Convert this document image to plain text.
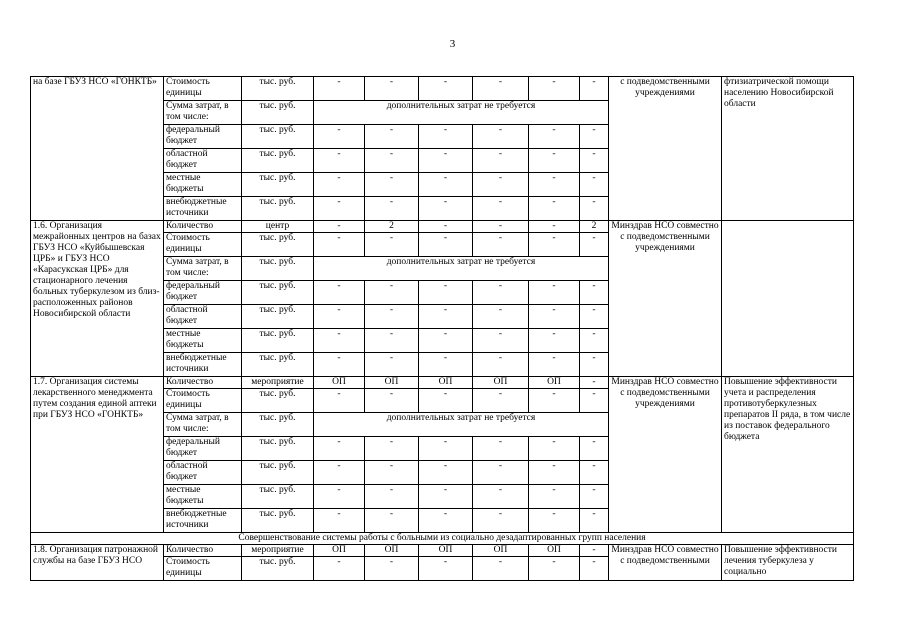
3
на базе ГБУЗ НСО «ГОНКТБ»	Стоимость единицы	тыс. руб.	-	-	-	-	-	-	с подведомственными учреждениями	фтизиатрической помощи населению Новосибирской области
	Сумма затрат, в том числе:	тыс. руб.	дополнительных затрат не требуется							
	федеральный бюджет	тыс. руб.	-	-	-	-	-	-		
	областной бюджет	тыс. руб.	-	-	-	-	-	-		
	местные бюджеты	тыс. руб.	-	-	-	-	-	-		
	внебюджетные источники	тыс. руб.	-	-	-	-	-	-		
1.6. Организация межрайонных центров на базах ГБУЗ НСО «Куйбышевская ЦРБ» и ГБУЗ НСО «Карасукская ЦРБ» для стационарного лечения больных туберкулезом из близ-расположенных районов Новосибирской области	Количество	центр	-	2	-	-	-	2	Минздрав НСО совместно с подведомственными учреждениями	
	Стоимость единицы	тыс. руб.	-	-	-	-	-	-		
	Сумма затрат, в том числе:	тыс. руб.	дополнительных затрат не требуется							
	федеральный бюджет	тыс. руб.	-	-	-	-	-	-		
	областной бюджет	тыс. руб.	-	-	-	-	-	-		
	местные бюджеты	тыс. руб.	-	-	-	-	-	-		
	внебюджетные источники	тыс. руб.	-	-	-	-	-	-		
1.7. Организация системы лекарственного менеджмента путем создания единой аптеки при ГБУЗ НСО «ГОНКТБ»	Количество	мероприятие	ОП	ОП	ОП	ОП	ОП	-	Минздрав НСО совместно с подведомственными учреждениями	Повышение эффективности учета и распределения противотуберкулезных препаратов II ряда, в том числе из поставок федерального бюджета
	Стоимость единицы	тыс. руб.	-	-	-	-	-	-		
	Сумма затрат, в том числе:	тыс. руб.	дополнительных затрат не требуется							
	федеральный бюджет	тыс. руб.	-	-	-	-	-	-		
	областной бюджет	тыс. руб.	-	-	-	-	-	-		
	местные бюджеты	тыс. руб.	-	-	-	-	-	-		
	внебюджетные источники	тыс. руб.	-	-	-	-	-	-		
Совершенствование системы работы с больными из социально дезадаптированных групп населения										
1.8. Организация патронажной службы на базе ГБУЗ НСО	Количество	мероприятие	ОП	ОП	ОП	ОП	ОП	-	Минздрав НСО совместно с подведомственными	Повышение эффективности лечения туберкулеза у социально
	Стоимость единицы	тыс. руб.	-	-	-	-	-	-		
